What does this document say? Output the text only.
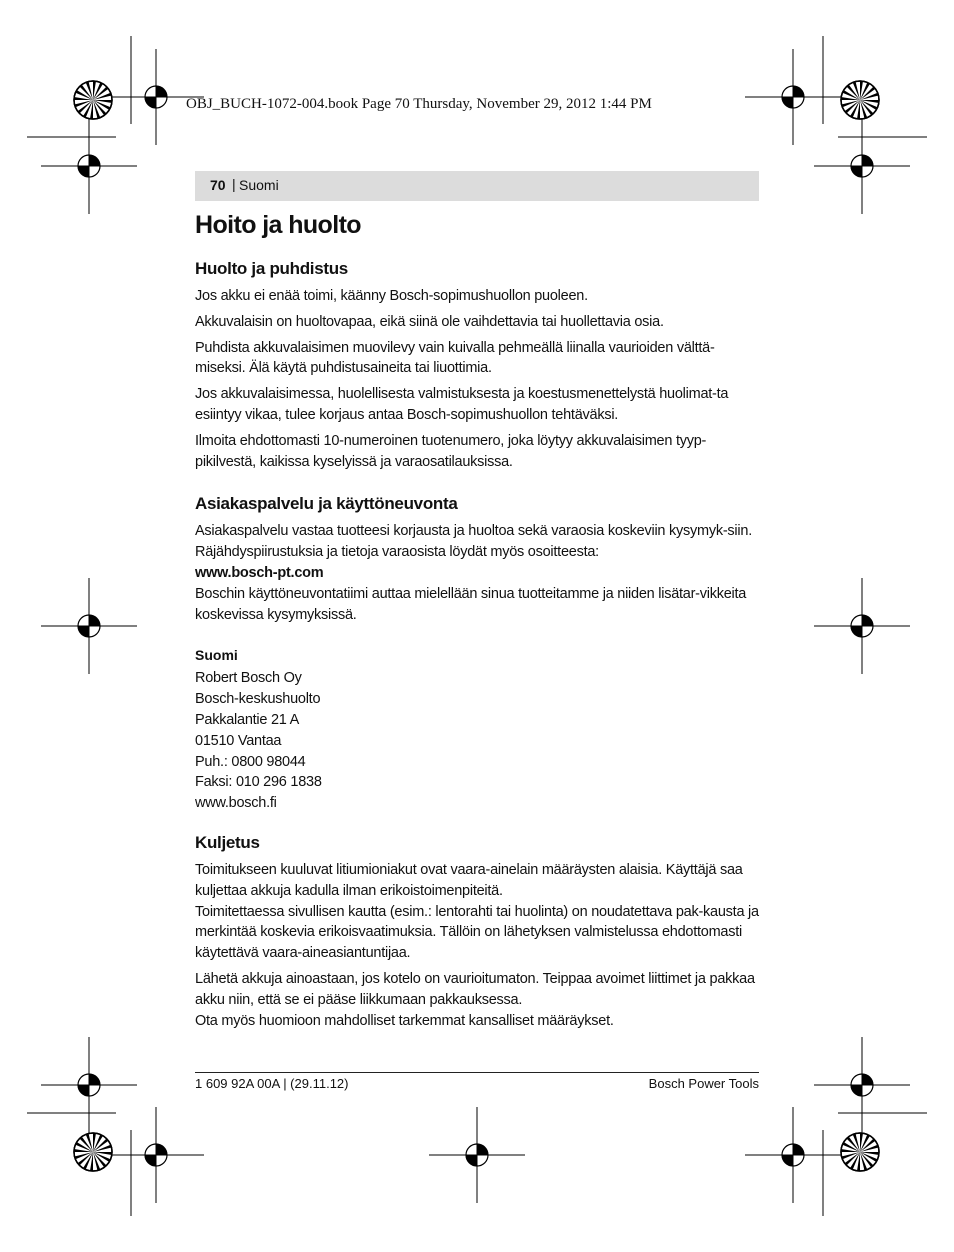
OBJ_BUCH-1072-004.book Page 70 Thursday, November 29, 2012 1:44 PM
70 | Suomi
Hoito ja huolto
Huolto ja puhdistus

Jos akku ei enää toimi, käänny Bosch-sopimushuollon puoleen.

Akkuvalaisin on huoltovapaa, eikä siinä ole vaihdettavia tai huollettavia osia.

Puhdista akkuvalaisimen muovilevy vain kuivalla pehmeällä liinalla vaurioiden välttä-miseksi. Älä käytä puhdistusaineita tai liuottimia.

Jos akkuvalaisimessa, huolellisesta valmistuksesta ja koestusmenettelystä huolimat-ta esiintyy vikaa, tulee korjaus antaa Bosch-sopimushuollon tehtäväksi.

Ilmoita ehdottomasti 10-numeroinen tuotenumero, joka löytyy akkuvalaisimen tyyp-pikilvestä, kaikissa kyselyissä ja varaosatilauksissa.

Asiakaspalvelu ja käyttöneuvonta

Asiakaspalvelu vastaa tuotteesi korjausta ja huoltoa sekä varaosia koskeviin kysymyk-siin. Räjähdyspiirustuksia ja tietoja varaosista löydät myös osoitteesta:

www.bosch-pt.com

Boschin käyttöneuvontatiimi auttaa mielellään sinua tuotteitamme ja niiden lisätar-vikkeita koskevissa kysymyksissä.

Suomi

Robert Bosch Oy

Bosch-keskushuolto

Pakkalantie 21 A

01510 Vantaa

Puh.: 0800 98044

Faksi: 010 296 1838

www.bosch.fi

Kuljetus

Toimitukseen kuuluvat litiumioniakut ovat vaara-ainelain määräysten alaisia. Käyttäjä saa kuljettaa akkuja kadulla ilman erikoistoimenpiteitä.

Toimitettaessa sivullisen kautta (esim.: lentorahti tai huolinta) on noudatettava pak-kausta ja merkintää koskevia erikoisvaatimuksia. Tällöin on lähetyksen valmistelussa ehdottomasti käytettävä vaara-aineasiantuntijaa.

Lähetä akkuja ainoastaan, jos kotelo on vaurioitumaton. Teippaa avoimet liittimet ja pakkaa akku niin, että se ei pääse liikkumaan pakkauksessa.

Ota myös huomioon mahdolliset tarkemmat kansalliset määräykset.

1 609 92A 00A | (29.11.12)	Bosch Power Tools
